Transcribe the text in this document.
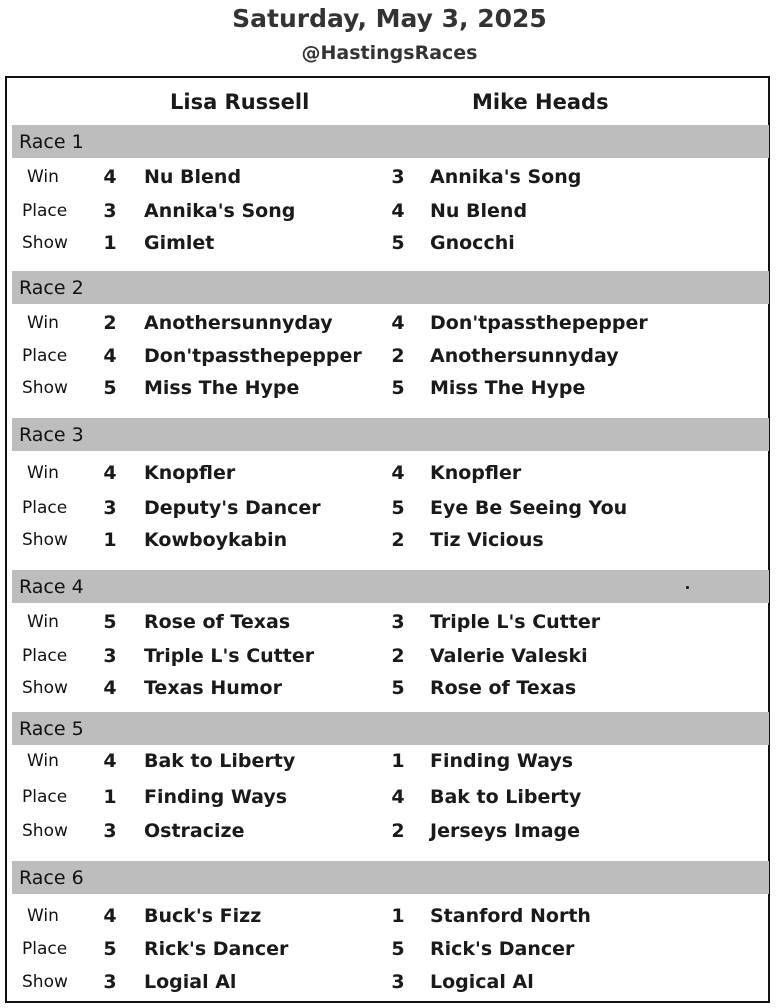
Saturday, May 3, 2025
@HastingsRaces
Lisa Russell	Mike Heads
Race 1
Win 4 Nu Blend	3 Annika's Song
Place 3 Annika's Song	4 Nu Blend
Show 1 Gimlet	5 Gnocchi
Race 2
Win 2 Anothersunnyday	4 Don'tpassthepepper
Place 4 Don'tpassthepepper 2 Anothersunnyday
Show 5 Miss The Hype	5 Miss The Hype
Race 3
Win 4 Knopfler	4 Knopfler
Place 3 Deputy's Dancer	5 Eye Be Seeing You
Show 1 Kowboykabin	2 Tiz Vicious
Race 4
Win 5 Rose of Texas	3 Triple L's Cutter
Place 3 Triple L's Cutter	2 Valerie Valeski
Show 4 Texas Humor	5 Rose of Texas
Race 5
Win 4 Bak to Liberty	1 Finding Ways
Place 1 Finding Ways	4 Bak to Liberty
Show 3 Ostracize	2 Jerseys Image
Race 6
Win 4 Buck's Fizz	1 Stanford North
Place 5 Rick's Dancer	5 Rick's Dancer
Show 3 Logial Al	3 Logical Al
